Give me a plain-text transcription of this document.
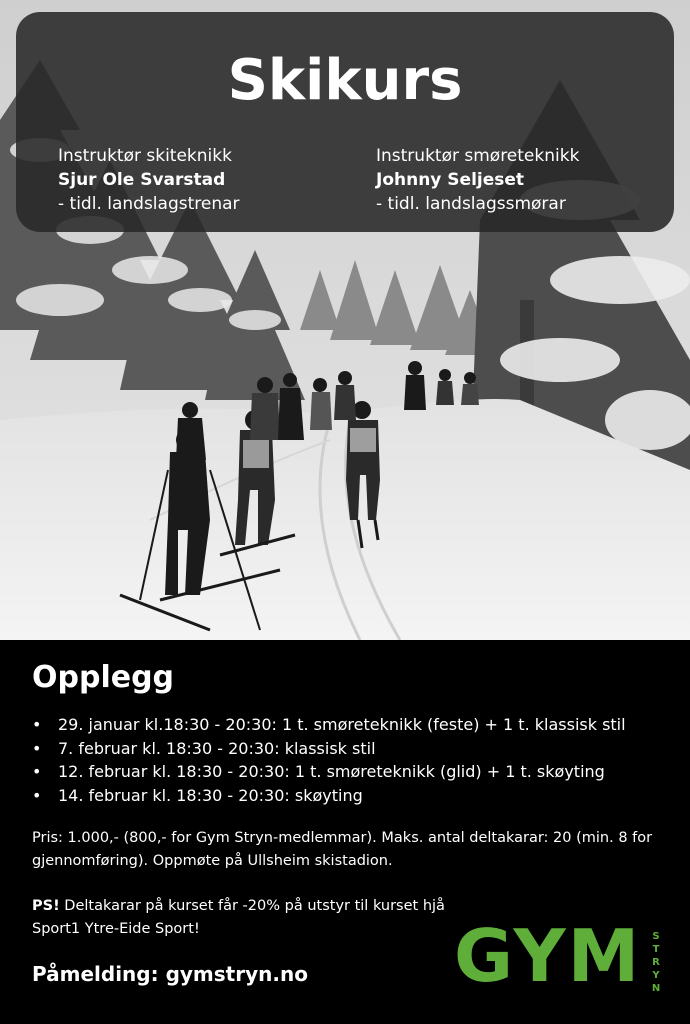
Skikurs
Instruktør skiteknikk
Sjur Ole Svarstad
- tidl. landslagstrenar
Instruktør smøreteknikk
Johnny Seljeset
- tidl. landslagssmørar
Opplegg
• 29. januar kl.18:30 - 20:30: 1 t. smøreteknikk (feste) + 1 t. klassisk stil
• 7. februar kl. 18:30 - 20:30: klassisk stil
• 12. februar kl. 18:30 - 20:30: 1 t. smøreteknikk (glid) + 1 t. skøyting
• 14. februar kl. 18:30 - 20:30: skøyting
Pris: 1.000,- (800,- for Gym Stryn-medlemmar). Maks. antal deltakarar: 20 (min. 8 for gjennomføring). Oppmøte på Ullsheim skistadion.
PS! Deltakarar på kurset får -20% på utstyr til kurset hjå Sport1 Ytre-Eide Sport!
Påmelding: gymstryn.no GYM S
T
R
Y
N
